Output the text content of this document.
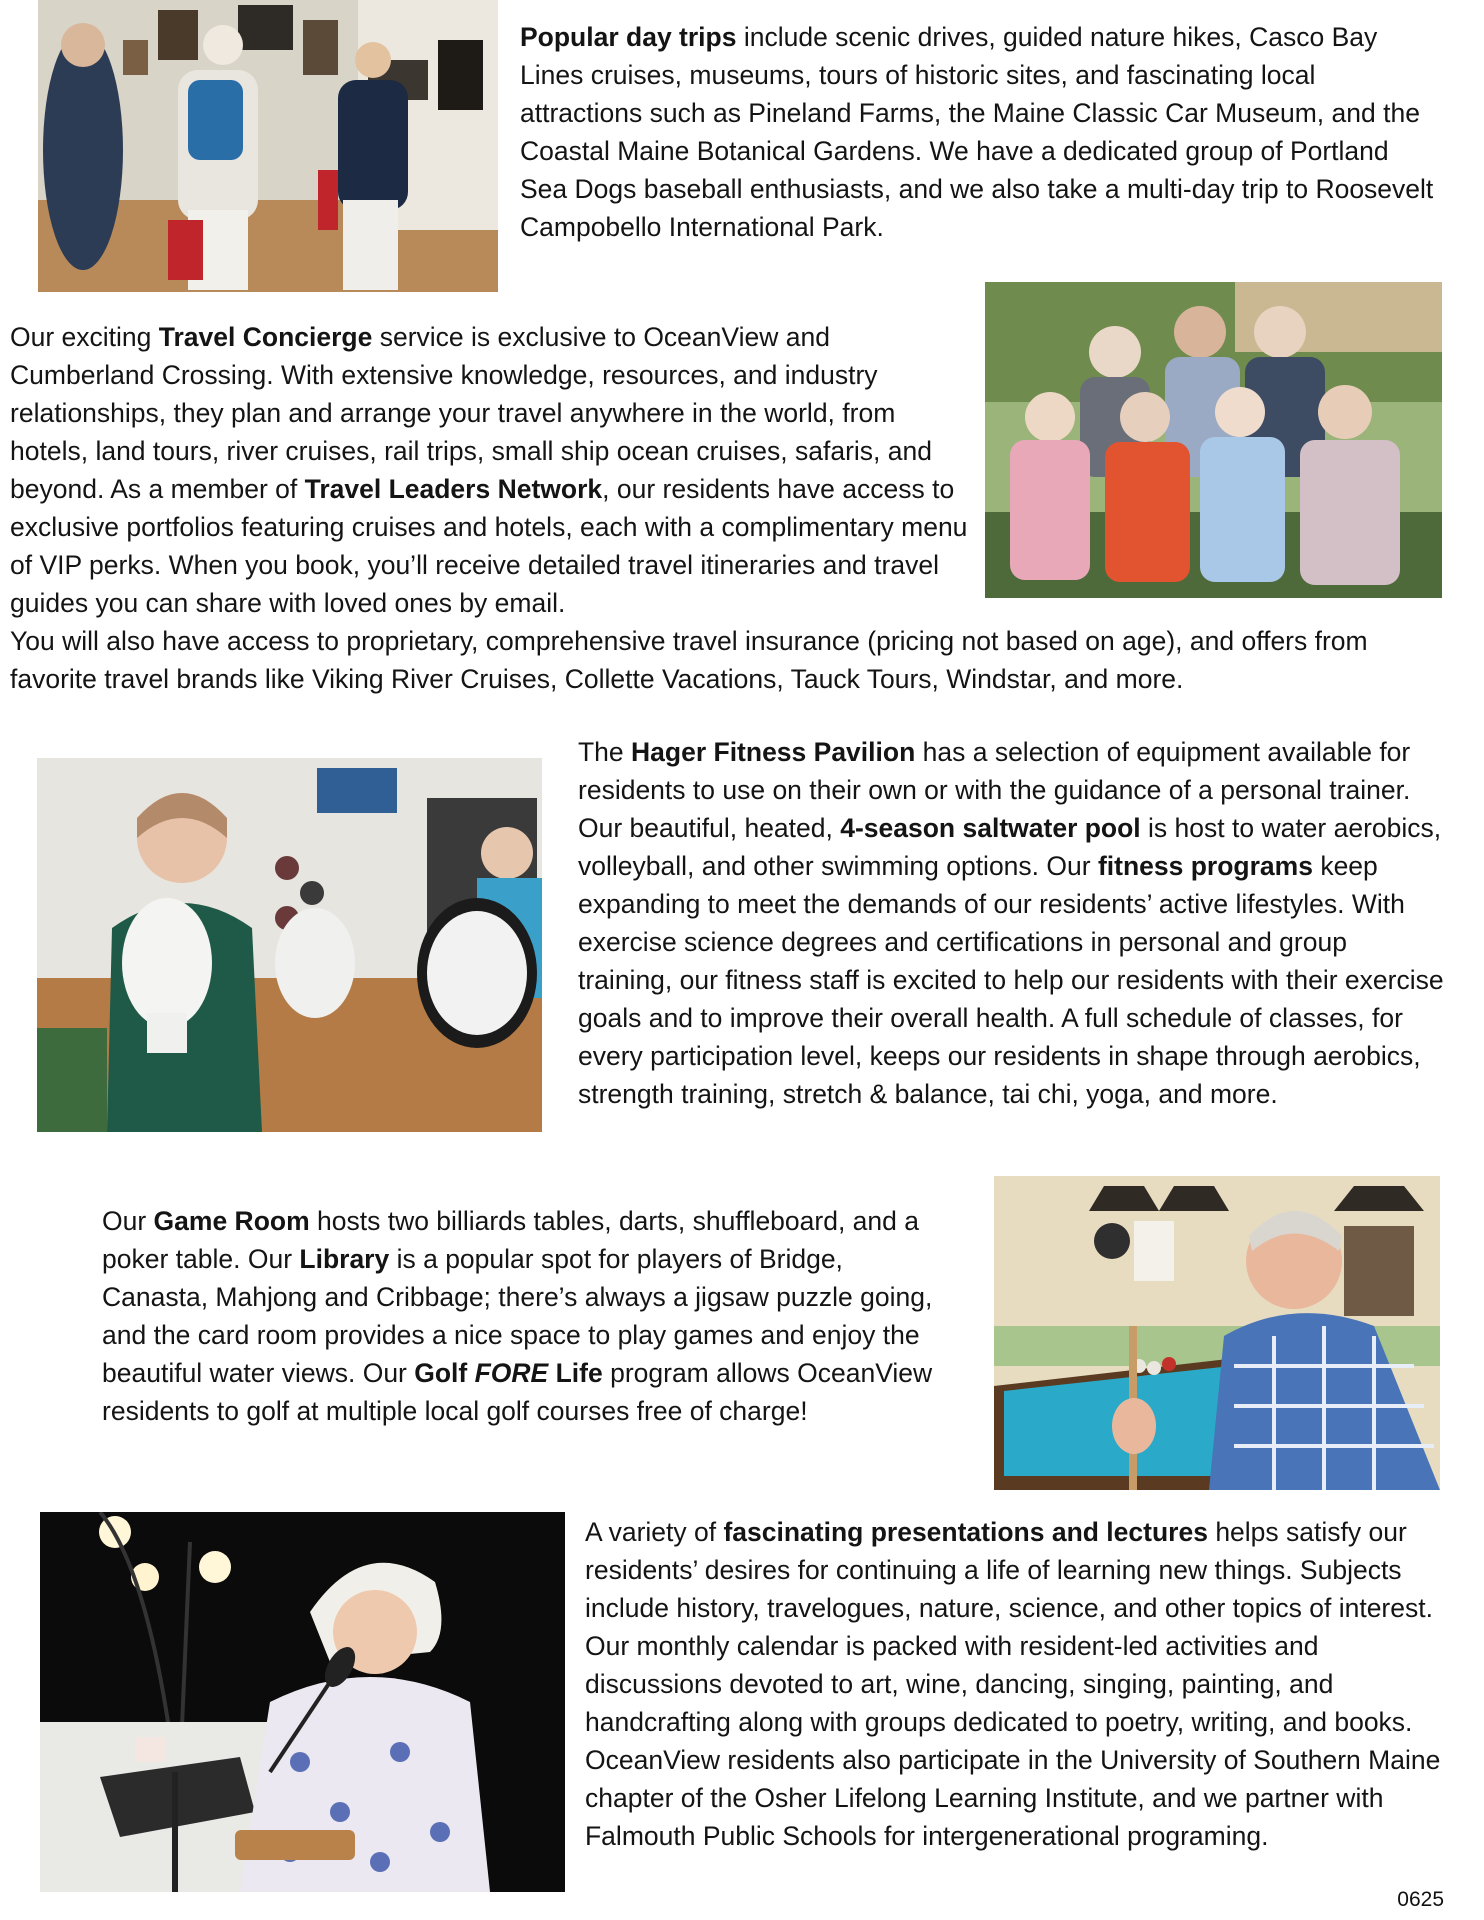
Popular day trips include scenic drives, guided nature hikes, Casco Bay Lines cruises, museums, tours of historic sites, and fascinating local attractions such as Pineland Farms, the Maine Classic Car Museum, and the Coastal Maine Botanical Gardens. We have a dedicated group of Portland Sea Dogs baseball enthusiasts, and we also take a multi-day trip to Roosevelt Campobello International Park.

Our exciting Travel Concierge service is exclusive to OceanView and Cumberland Crossing. With extensive knowledge, resources, and industry relationships, they plan and arrange your travel anywhere in the world, from hotels, land tours, river cruises, rail trips, small ship ocean cruises, safaris, and beyond. As a member of Travel Leaders Network, our residents have access to exclusive portfolios featuring cruises and hotels, each with a complimentary menu of VIP perks. When you book, you’ll receive detailed travel itineraries and travel guides you can share with loved ones by email.

You will also have access to proprietary, comprehensive travel insurance (pricing not based on age), and offers from favorite travel brands like Viking River Cruises, Collette Vacations, Tauck Tours, Windstar, and more.

The Hager Fitness Pavilion has a selection of equipment available for residents to use on their own or with the guidance of a personal trainer. Our beautiful, heated, 4-season saltwater pool is host to water aerobics, volleyball, and other swimming options. Our fitness programs keep expanding to meet the demands of our residents’ active lifestyles. With exercise science degrees and certifications in personal and group training, our fitness staff is excited to help our residents with their exercise goals and to improve their overall health. A full schedule of classes, for every participation level, keeps our residents in shape through aerobics, strength training, stretch & balance, tai chi, yoga, and more.

Our Game Room hosts two billiards tables, darts, shuffleboard, and a poker table. Our Library is a popular spot for players of Bridge, Canasta, Mahjong and Cribbage; there’s always a jigsaw puzzle going, and the card room provides a nice space to play games and enjoy the beautiful water views. Our Golf FORE Life program allows OceanView residents to golf at multiple local golf courses free of charge!

A variety of fascinating presentations and lectures helps satisfy our residents’ desires for continuing a life of learning new things. Subjects include history, travelogues, nature, science, and other topics of interest. Our monthly calendar is packed with resident-led activities and discussions devoted to art, wine, dancing, singing, painting, and handcrafting along with groups dedicated to poetry, writing, and books. OceanView residents also participate in the University of Southern Maine chapter of the Osher Lifelong Learning Institute, and we partner with Falmouth Public Schools for intergenerational programing.

0625
